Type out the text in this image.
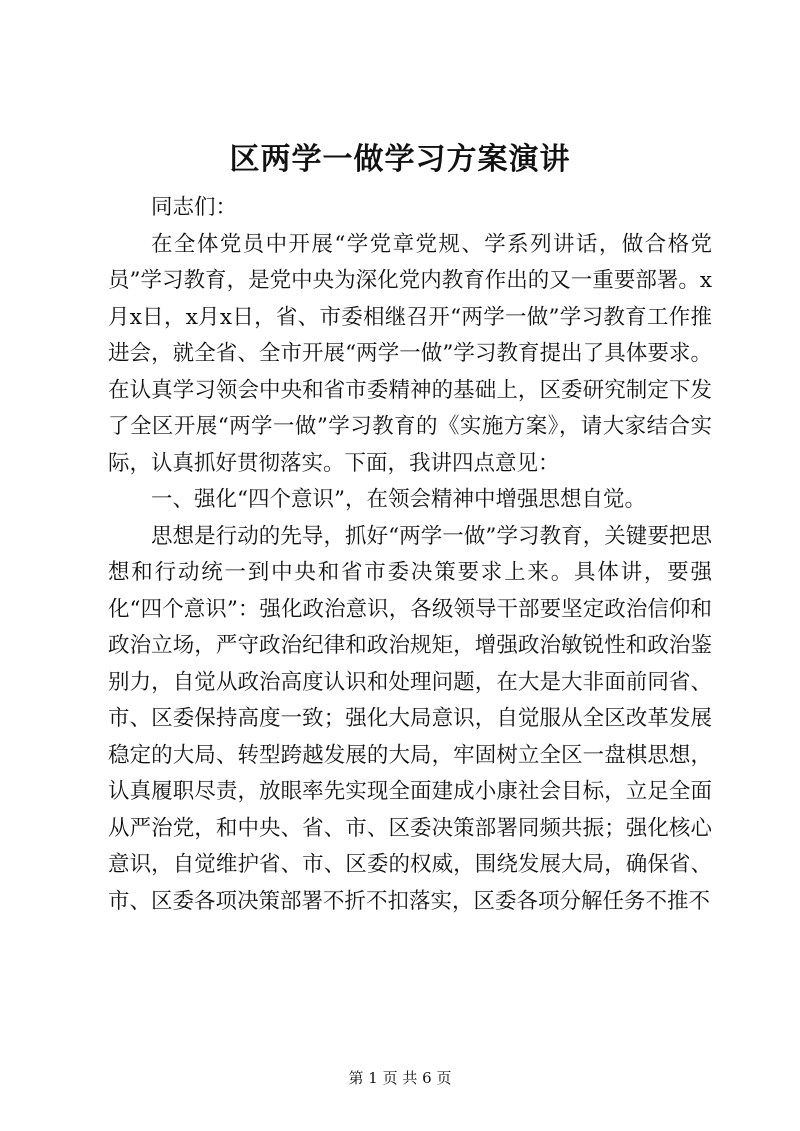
区两学一做学习方案演讲

同志们：

在全体党员中开展“学党章党规、学系列讲话，做合格党员”学习教育，是党中央为深化党内教育作出的又一重要部署。x月x日，x月x日，省、市委相继召开“两学一做”学习教育工作推进会，就全省、全市开展“两学一做”学习教育提出了具体要求。在认真学习领会中央和省市委精神的基础上，区委研究制定下发了全区开展“两学一做”学习教育的《实施方案》，请大家结合实际，认真抓好贯彻落实。下面，我讲四点意见：

一、强化“四个意识”，在领会精神中增强思想自觉。

思想是行动的先导，抓好“两学一做”学习教育，关键要把思想和行动统一到中央和省市委决策要求上来。具体讲，要强化“四个意识”：强化政治意识，各级领导干部要坚定政治信仰和政治立场，严守政治纪律和政治规矩，增强政治敏锐性和政治鉴别力，自觉从政治高度认识和处理问题，在大是大非面前同省、市、区委保持高度一致；强化大局意识，自觉服从全区改革发展稳定的大局、转型跨越发展的大局，牢固树立全区一盘棋思想，认真履职尽责，放眼率先实现全面建成小康社会目标，立足全面从严治党，和中央、省、市、区委决策部署同频共振；强化核心意识，自觉维护省、市、区委的权威，围绕发展大局，确保省、市、区委各项决策部署不折不扣落实，区委各项分解任务不推不

第 1 页 共 6 页
